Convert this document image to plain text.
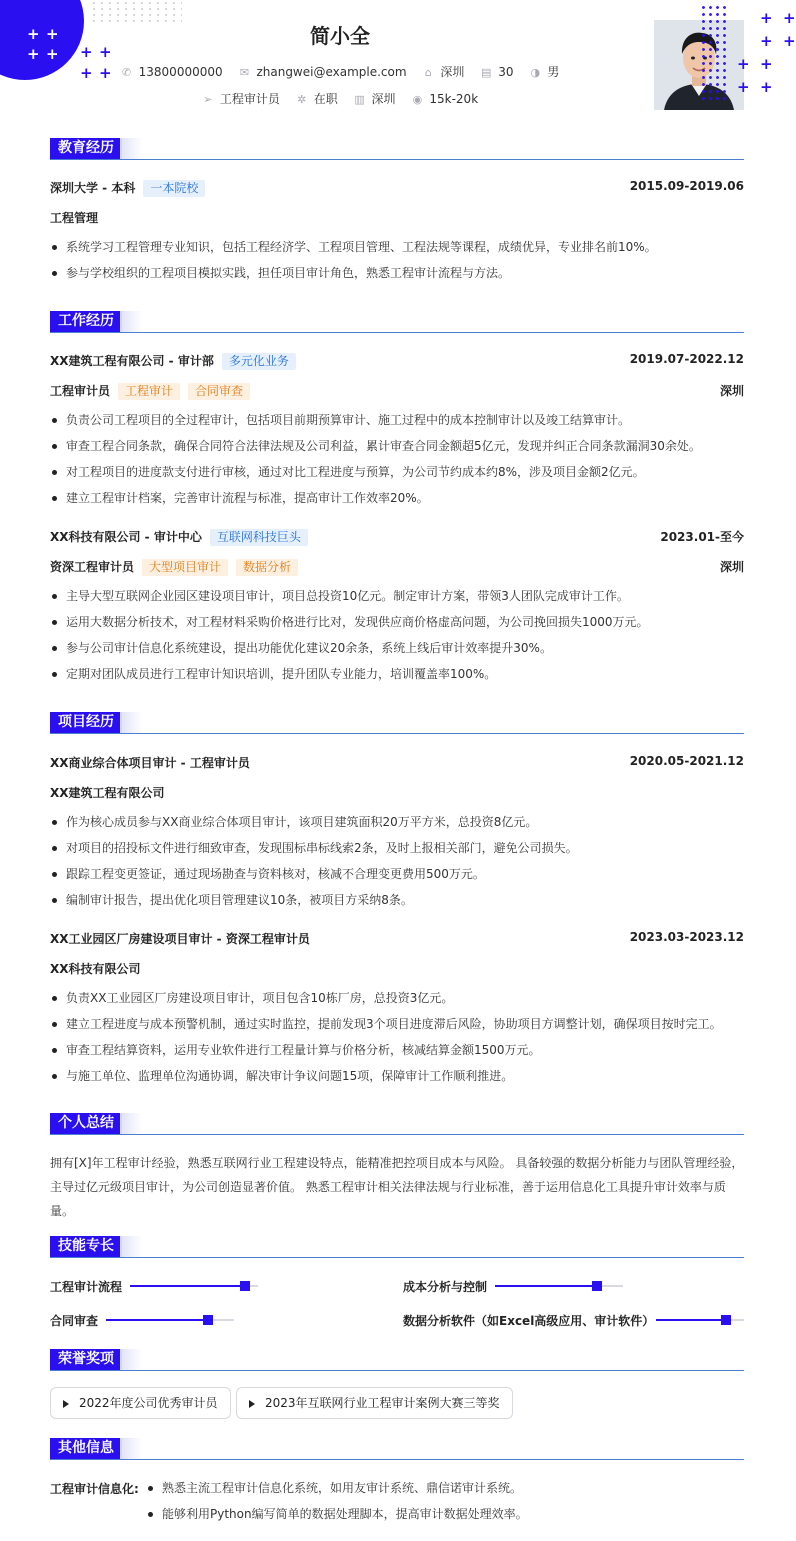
+ +
+ + + +
+ +
简小全
✆ 13800000000 ✉ zhangwei@example.com ⌂ 深圳 ▤ 30 ◑ 男
➢ 工程审计员 ✲ 在职 ▥ 深圳 ◉ 15k-20k
+ +
+ +
+ +
+ +
教育经历
深圳大学 - 本科 一本院校	2015.09-2019.06
工程管理
系统学习工程管理专业知识，包括工程经济学、工程项目管理、工程法规等课程，成绩优异，专业排名前10%。
参与学校组织的工程项目模拟实践，担任项目审计角色，熟悉工程审计流程与方法。
工作经历
XX建筑工程有限公司 - 审计部 多元化业务	2019.07-2022.12
工程审计员 工程审计 合同审查	深圳
负责公司工程项目的全过程审计，包括项目前期预算审计、施工过程中的成本控制审计以及竣工结算审计。
审查工程合同条款，确保合同符合法律法规及公司利益，累计审查合同金额超5亿元，发现并纠正合同条款漏洞30余处。
对工程项目的进度款支付进行审核，通过对比工程进度与预算，为公司节约成本约8%，涉及项目金额2亿元。
建立工程审计档案，完善审计流程与标准，提高审计工作效率20%。
XX科技有限公司 - 审计中心 互联网科技巨头	2023.01-至今
资深工程审计员 大型项目审计 数据分析	深圳
主导大型互联网企业园区建设项目审计，项目总投资10亿元。制定审计方案，带领3人团队完成审计工作。
运用大数据分析技术，对工程材料采购价格进行比对，发现供应商价格虚高问题，为公司挽回损失1000万元。
参与公司审计信息化系统建设，提出功能优化建议20余条，系统上线后审计效率提升30%。
定期对团队成员进行工程审计知识培训，提升团队专业能力，培训覆盖率100%。
项目经历
XX商业综合体项目审计 - 工程审计员	2020.05-2021.12
XX建筑工程有限公司
作为核心成员参与XX商业综合体项目审计，该项目建筑面积20万平方米，总投资8亿元。
对项目的招投标文件进行细致审查，发现围标串标线索2条，及时上报相关部门，避免公司损失。
跟踪工程变更签证，通过现场勘查与资料核对，核减不合理变更费用500万元。
编制审计报告，提出优化项目管理建议10条，被项目方采纳8条。
XX工业园区厂房建设项目审计 - 资深工程审计员	2023.03-2023.12
XX科技有限公司
负责XX工业园区厂房建设项目审计，项目包含10栋厂房，总投资3亿元。
建立工程进度与成本预警机制，通过实时监控，提前发现3个项目进度滞后风险，协助项目方调整计划，确保项目按时完工。
审查工程结算资料，运用专业软件进行工程量计算与价格分析，核减结算金额1500万元。
与施工单位、监理单位沟通协调，解决审计争议问题15项，保障审计工作顺利推进。
个人总结
拥有[X]年工程审计经验，熟悉互联网行业工程建设特点，能精准把控项目成本与风险。 具备较强的数据分析能力与团队管理经验，
主导过亿元级项目审计，为公司创造显著价值。 熟悉工程审计相关法律法规与行业标准，善于运用信息化工具提升审计效率与质
量。
技能专长
工程审计流程	成本分析与控制
合同审查	数据分析软件（如Excel高级应用、审计软件）
荣誉奖项
2022年度公司优秀审计员	2023年互联网行业工程审计案例大赛三等奖
其他信息
工程审计信息化:	熟悉主流工程审计信息化系统，如用友审计系统、鼎信诺审计系统。
能够利用Python编写简单的数据处理脚本，提高审计数据处理效率。
